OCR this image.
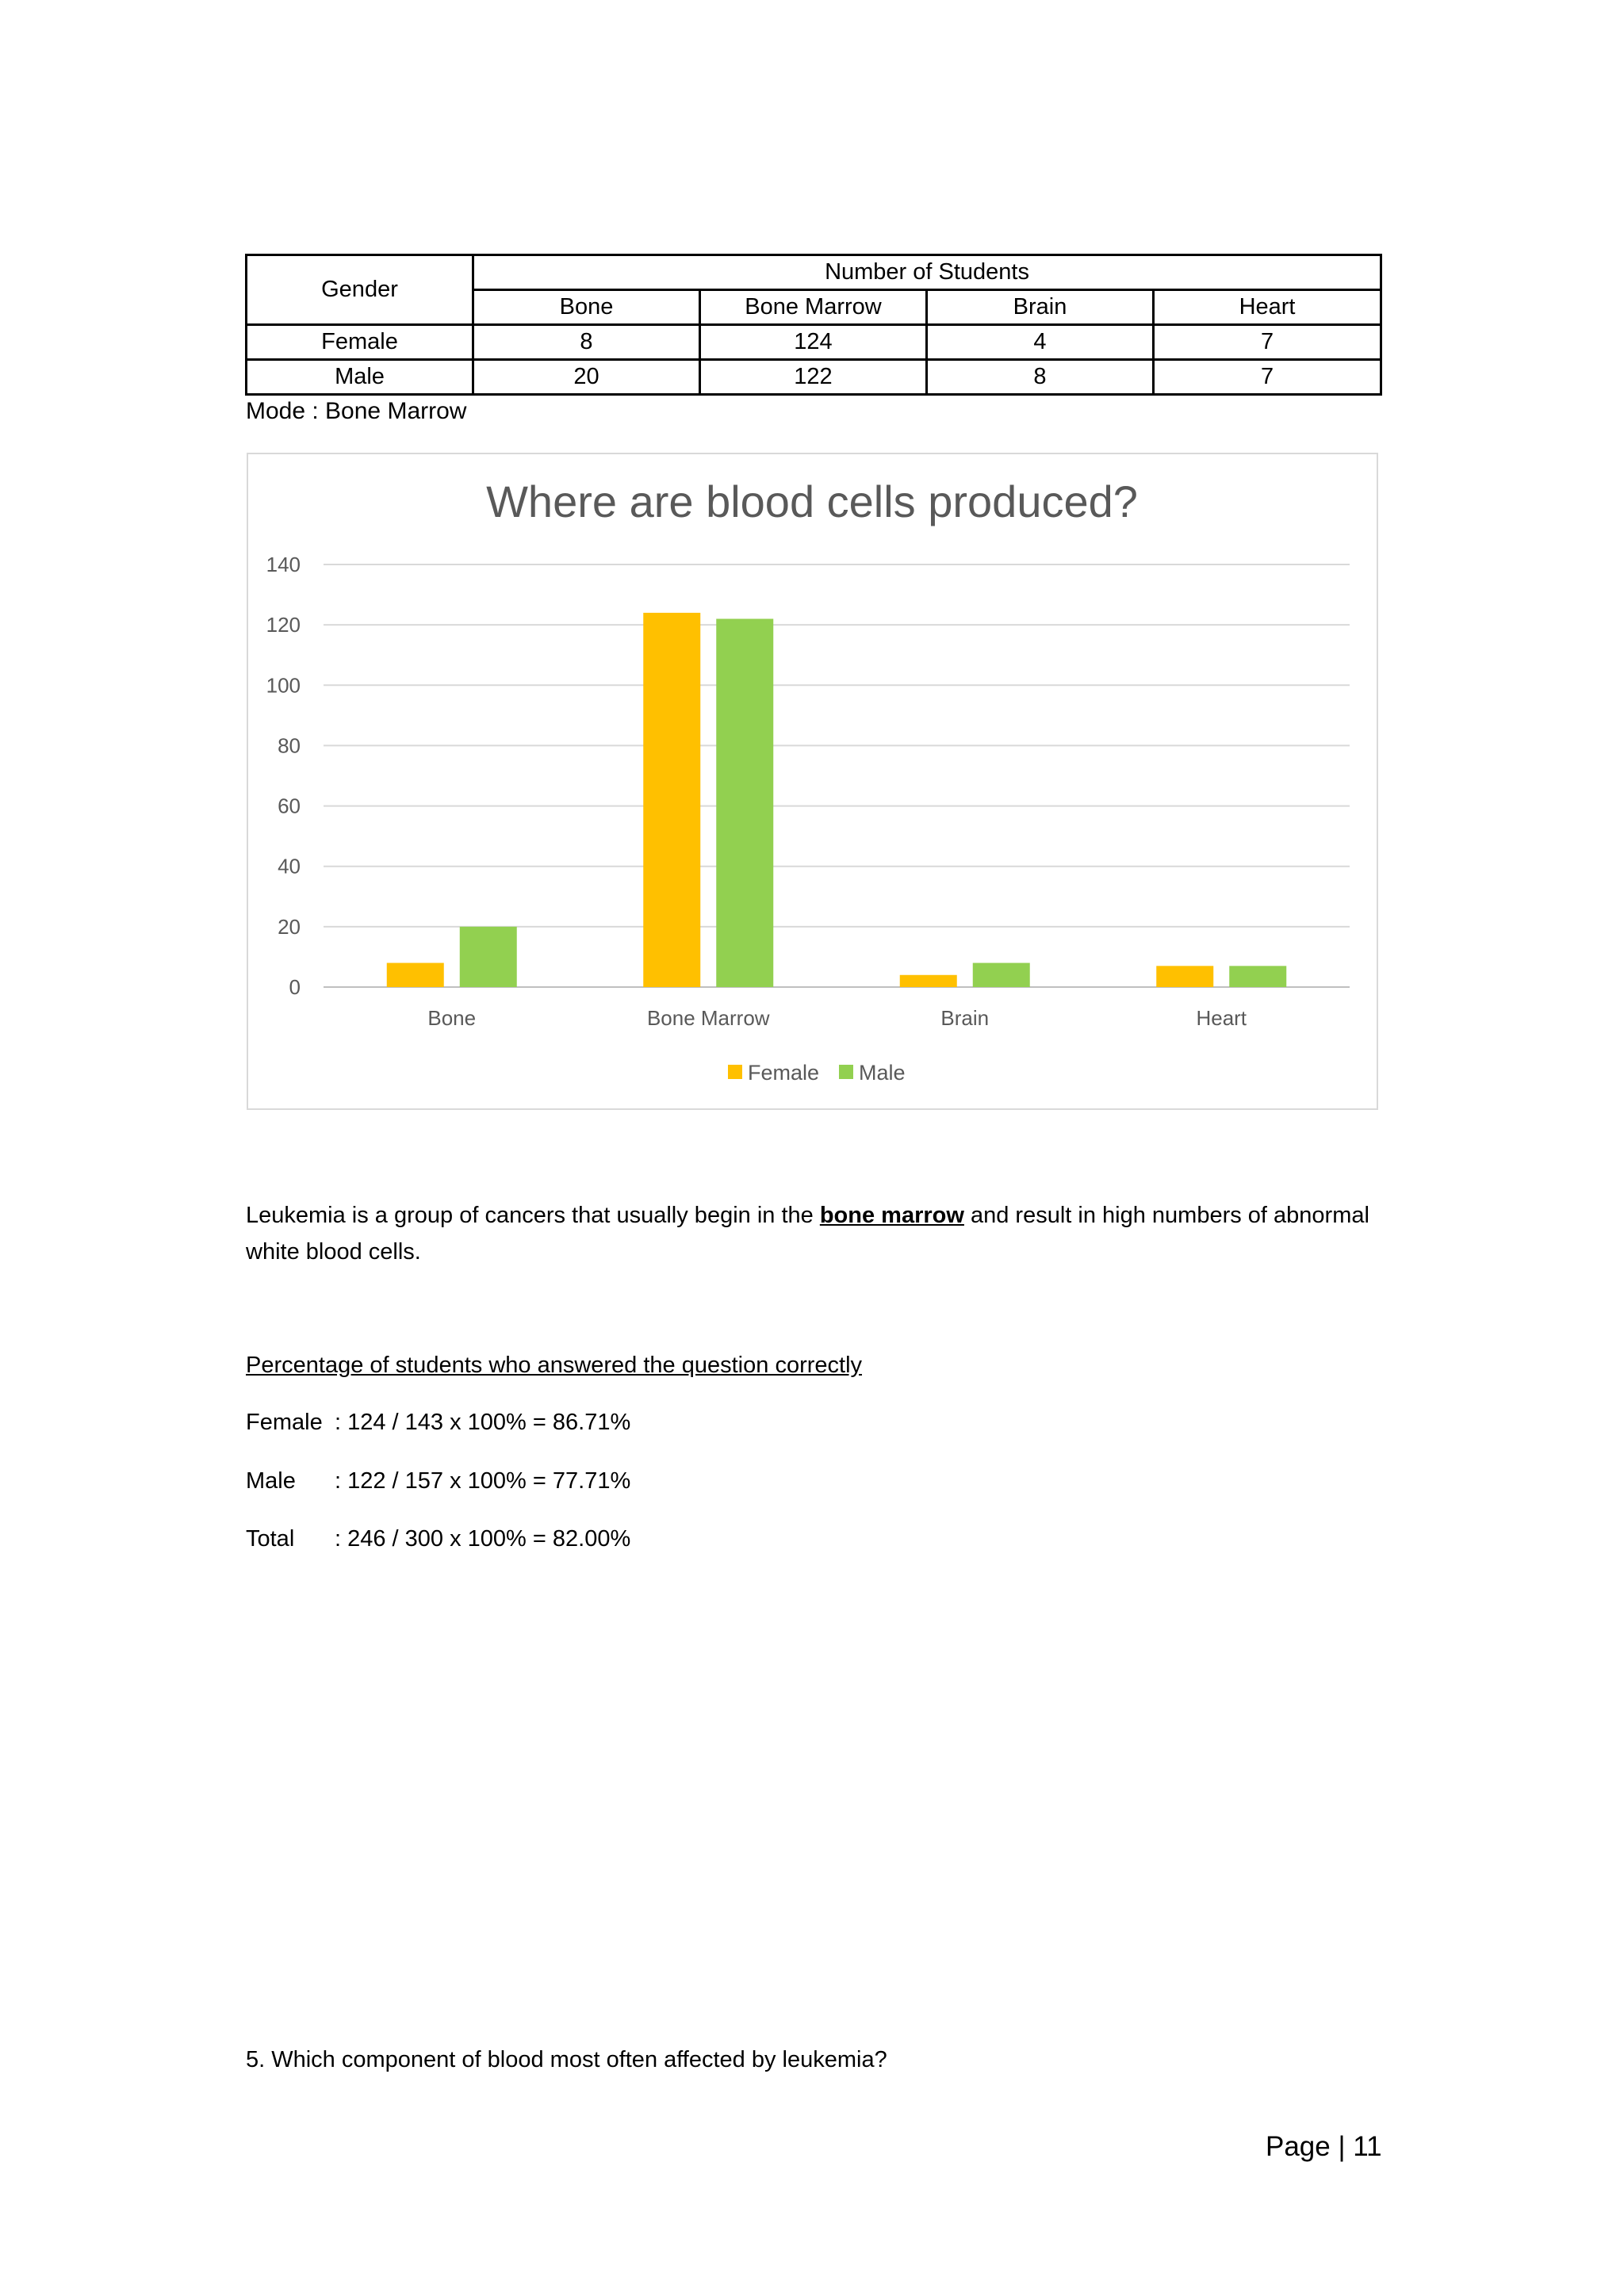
Gender	Number of Students			
	Bone	Bone Marrow	Brain	Heart
Female	8	124	4	7
Male	20	122	8	7
Mode : Bone Marrow
Where are blood cells produced?
0
20
40
60
80
100
120
140
Bone	Bone Marrow	Brain	Heart
Female Male
Leukemia is a group of cancers that usually begin in the bone marrow and result in high numbers of abnormal white blood cells.
Percentage of students who answered the question correctly
Female : 124 / 143 x 100% = 86.71%
Male : 122 / 157 x 100% = 77.71%
Total : 246 / 300 x 100% = 82.00%
5. Which component of blood most often affected by leukemia?
Page | 11
